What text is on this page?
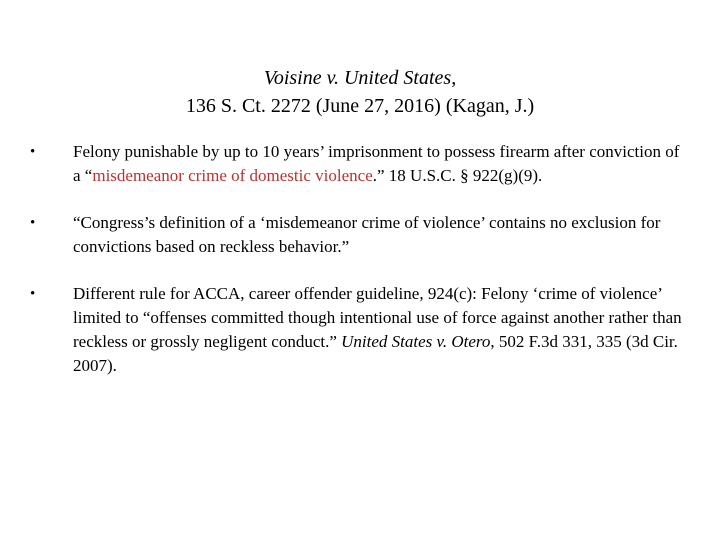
Voisine v. United States,
136 S. Ct. 2272 (June 27, 2016) (Kagan, J.)
•	Felony punishable by up to 10 years’ imprisonment to possess firearm after conviction of a “misdemeanor crime of domestic violence.” 18 U.S.C. § 922(g)(9).
•	“Congress’s definition of a ‘misdemeanor crime of violence’ contains no exclusion for convictions based on reckless behavior.”
•	Different rule for ACCA, career offender guideline, 924(c): Felony ‘crime of violence’ limited to “offenses committed though intentional use of force against another rather than reckless or grossly negligent conduct.” United States v. Otero, 502 F.3d 331, 335 (3d Cir. 2007).
